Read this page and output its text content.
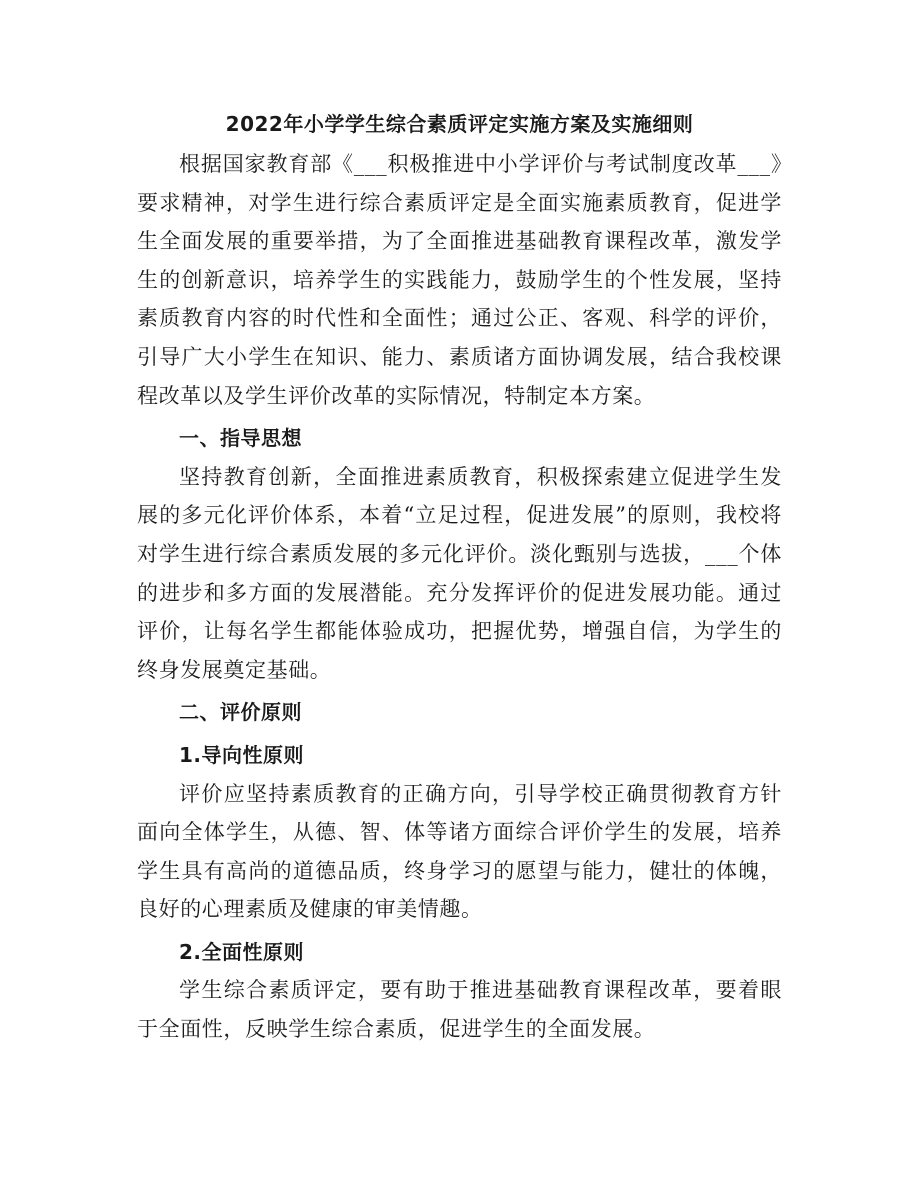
2022年小学学生综合素质评定实施方案及实施细则

根据国家教育部《___积极推进中小学评价与考试制度改革___》要求精神，对学生进行综合素质评定是全面实施素质教育，促进学生全面发展的重要举措，为了全面推进基础教育课程改革，激发学生的创新意识，培养学生的实践能力，鼓励学生的个性发展，坚持素质教育内容的时代性和全面性；通过公正、客观、科学的评价，引导广大小学生在知识、能力、素质诸方面协调发展，结合我校课程改革以及学生评价改革的实际情况，特制定本方案。

一、指导思想

坚持教育创新，全面推进素质教育，积极探索建立促进学生发展的多元化评价体系，本着“立足过程，促进发展”的原则，我校将对学生进行综合素质发展的多元化评价。淡化甄别与选拔，___个体的进步和多方面的发展潜能。充分发挥评价的促进发展功能。通过评价，让每名学生都能体验成功，把握优势，增强自信，为学生的终身发展奠定基础。

二、评价原则

1.导向性原则

评价应坚持素质教育的正确方向，引导学校正确贯彻教育方针面向全体学生，从德、智、体等诸方面综合评价学生的发展，培养学生具有高尚的道德品质，终身学习的愿望与能力，健壮的体魄，良好的心理素质及健康的审美情趣。

2.全面性原则

学生综合素质评定，要有助于推进基础教育课程改革，要着眼于全面性，反映学生综合素质，促进学生的全面发展。
